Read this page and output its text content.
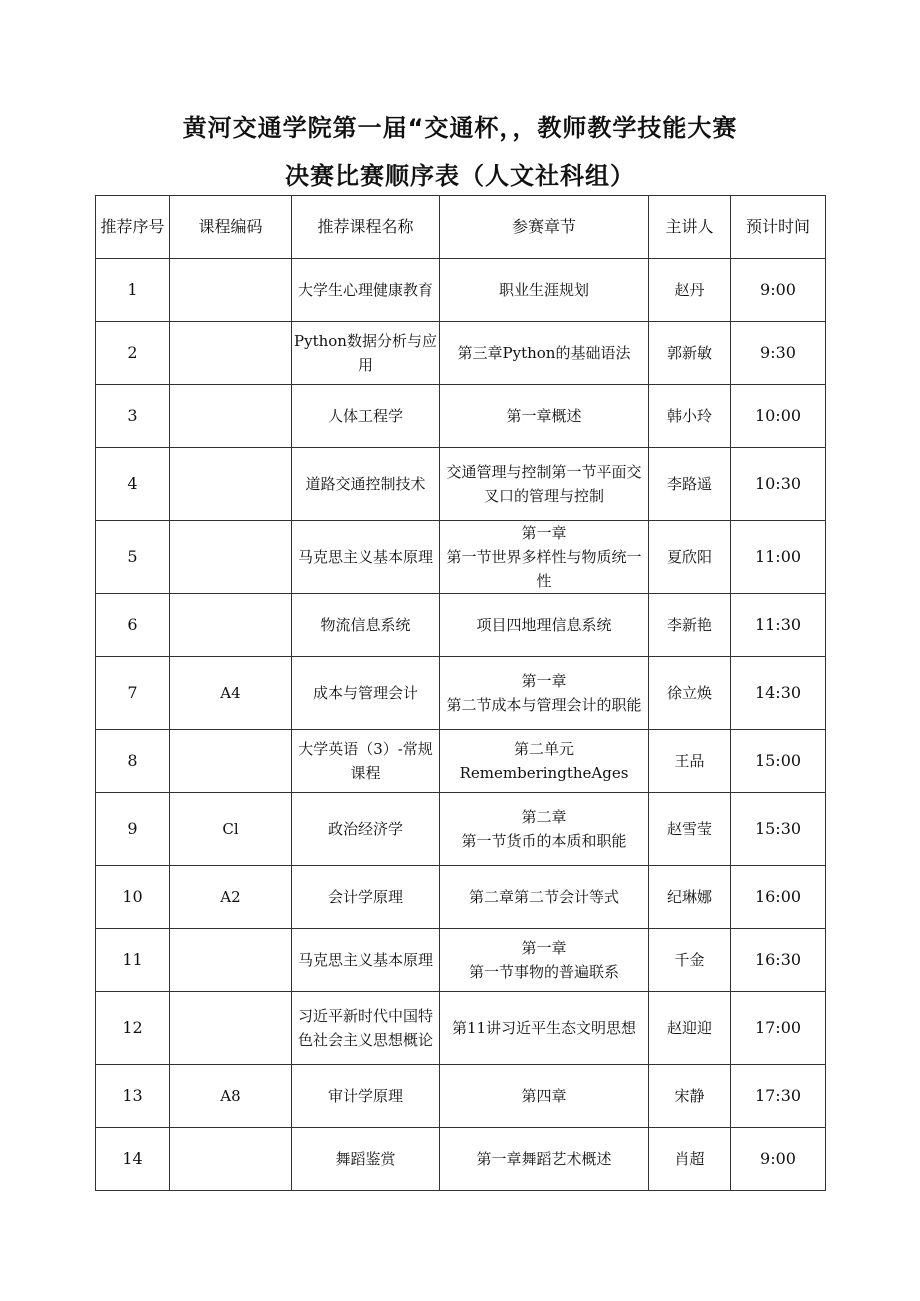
黄河交通学院第一届“交通杯，，教师教学技能大赛
决赛比赛顺序表（人文社科组）
推荐序号	课程编码	推荐课程名称	参赛章节	主讲人	预计时间
1		大学生心理健康教育	职业生涯规划	赵丹	9:00
2		Python数据分析与应用	第三章Python的基础语法	郭新敏	9:30
3		人体工程学	第一章概述	韩小玲	10:00
4		道路交通控制技术	交通管理与控制第一节平面交叉口的管理与控制	李路遥	10:30
5		马克思主义基本原理	第一章
第一节世界多样性与物质统一性	夏欣阳	11:00
6		物流信息系统	项目四地理信息系统	李新艳	11:30
7	A4	成本与管理会计	第一章
第二节成本与管理会计的职能	徐立焕	14:30
8		大学英语（3）-常规课程	第二单元
RememberingtheAges	王品	15:00
9	Cl	政治经济学	第二章
第一节货币的本质和职能	赵雪莹	15:30
10	A2	会计学原理	第二章第二节会计等式	纪琳娜	16:00
11		马克思主义基本原理	第一章
第一节事物的普遍联系	千金	16:30
12		习近平新时代中国特色社会主义思想概论	第11讲习近平生态文明思想	赵迎迎	17:00
13	A8	审计学原理	第四章	宋静	17:30
14		舞蹈鉴赏	第一章舞蹈艺术概述	肖超	9:00
